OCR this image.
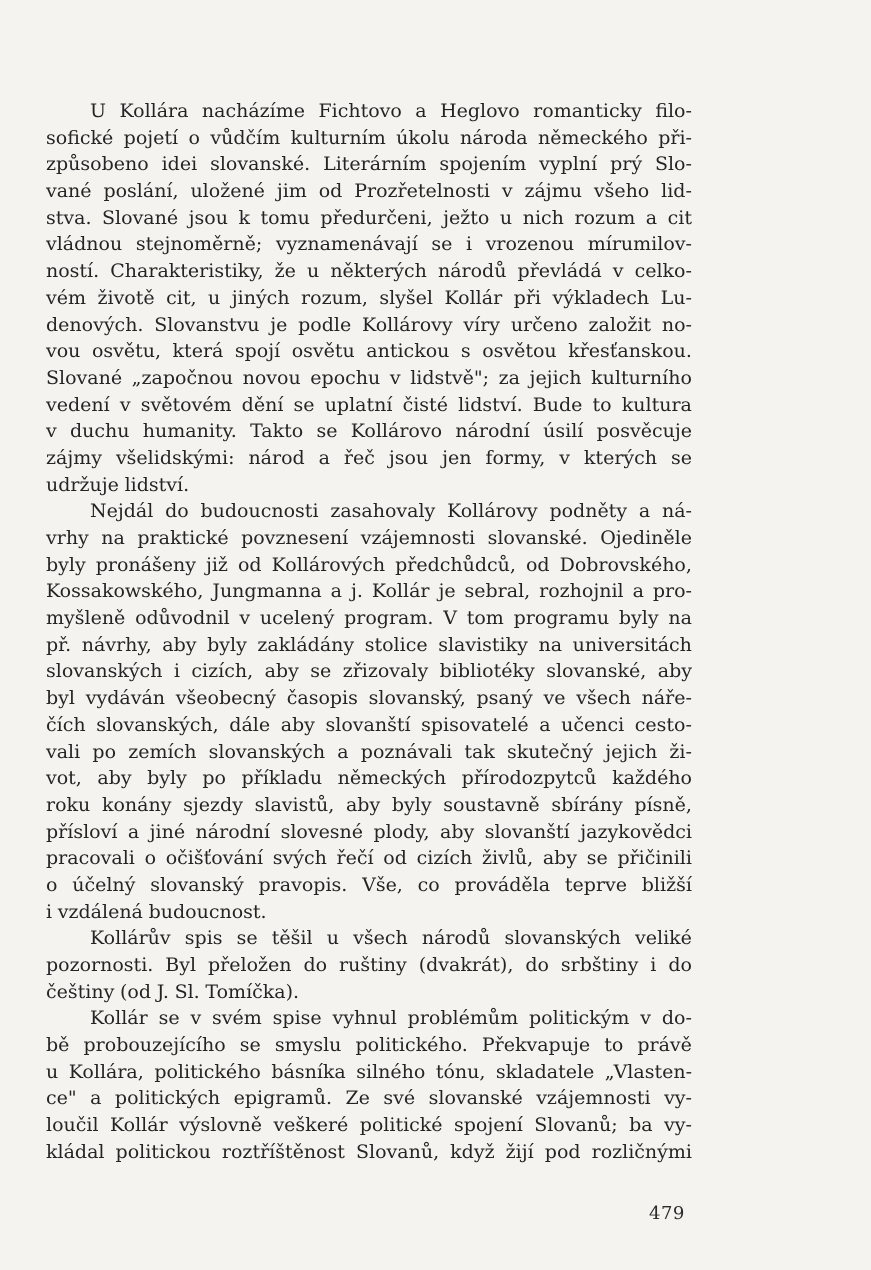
U Kollára nacházíme Fichtovo a Heglovo romanticky filo-
sofické pojetí o vůdčím kulturním úkolu národa německého při-
způsobeno idei slovanské. Literárním spojením vyplní prý Slo-
vané poslání, uložené jim od Prozřetelnosti v zájmu všeho lid-
stva. Slované jsou k tomu předurčeni, ježto u nich rozum a cit
vládnou stejnoměrně; vyznamenávají se i vrozenou mírumilov-
ností. Charakteristiky, že u některých národů převládá v celko-
vém životě cit, u jiných rozum, slyšel Kollár při výkladech Lu-
denových. Slovanstvu je podle Kollárovy víry určeno založit no-
vou osvětu, která spojí osvětu antickou s osvětou křesťanskou.
Slované „započnou novou epochu v lidstvě"; za jejich kulturního
vedení v světovém dění se uplatní čisté lidství. Bude to kultura
v duchu humanity. Takto se Kollárovo národní úsilí posvěcuje
zájmy všelidskými: národ a řeč jsou jen formy, v kterých se
udržuje lidství.
Nejdál do budoucnosti zasahovaly Kollárovy podněty a ná-
vrhy na praktické povznesení vzájemnosti slovanské. Ojediněle
byly pronášeny již od Kollárových předchůdců, od Dobrovského,
Kossakowského, Jungmanna a j. Kollár je sebral, rozhojnil a pro-
myšleně odůvodnil v ucelený program. V tom programu byly na
př. návrhy, aby byly zakládány stolice slavistiky na universitách
slovanských i cizích, aby se zřizovaly bibliotéky slovanské, aby
byl vydáván všeobecný časopis slovanský, psaný ve všech náře-
čích slovanských, dále aby slovanští spisovatelé a učenci cesto-
vali po zemích slovanských a poznávali tak skutečný jejich ži-
vot, aby byly po příkladu německých přírodozpytců každého
roku konány sjezdy slavistů, aby byly soustavně sbírány písně,
přísloví a jiné národní slovesné plody, aby slovanští jazykovědci
pracovali o očišťování svých řečí od cizích živlů, aby se přičinili
o účelný slovanský pravopis. Vše, co prováděla teprve bližší
i vzdálená budoucnost.
Kollárův spis se těšil u všech národů slovanských veliké
pozornosti. Byl přeložen do ruštiny (dvakrát), do srbštiny i do
češtiny (od J. Sl. Tomíčka).
Kollár se v svém spise vyhnul problémům politickým v do-
bě probouzejícího se smyslu politického. Překvapuje to právě
u Kollára, politického básníka silného tónu, skladatele „Vlasten-
ce" a politických epigramů. Ze své slovanské vzájemnosti vy-
loučil Kollár výslovně veškeré politické spojení Slovanů; ba vy-
kládal politickou roztříštěnost Slovanů, když žijí pod rozličnými
479
